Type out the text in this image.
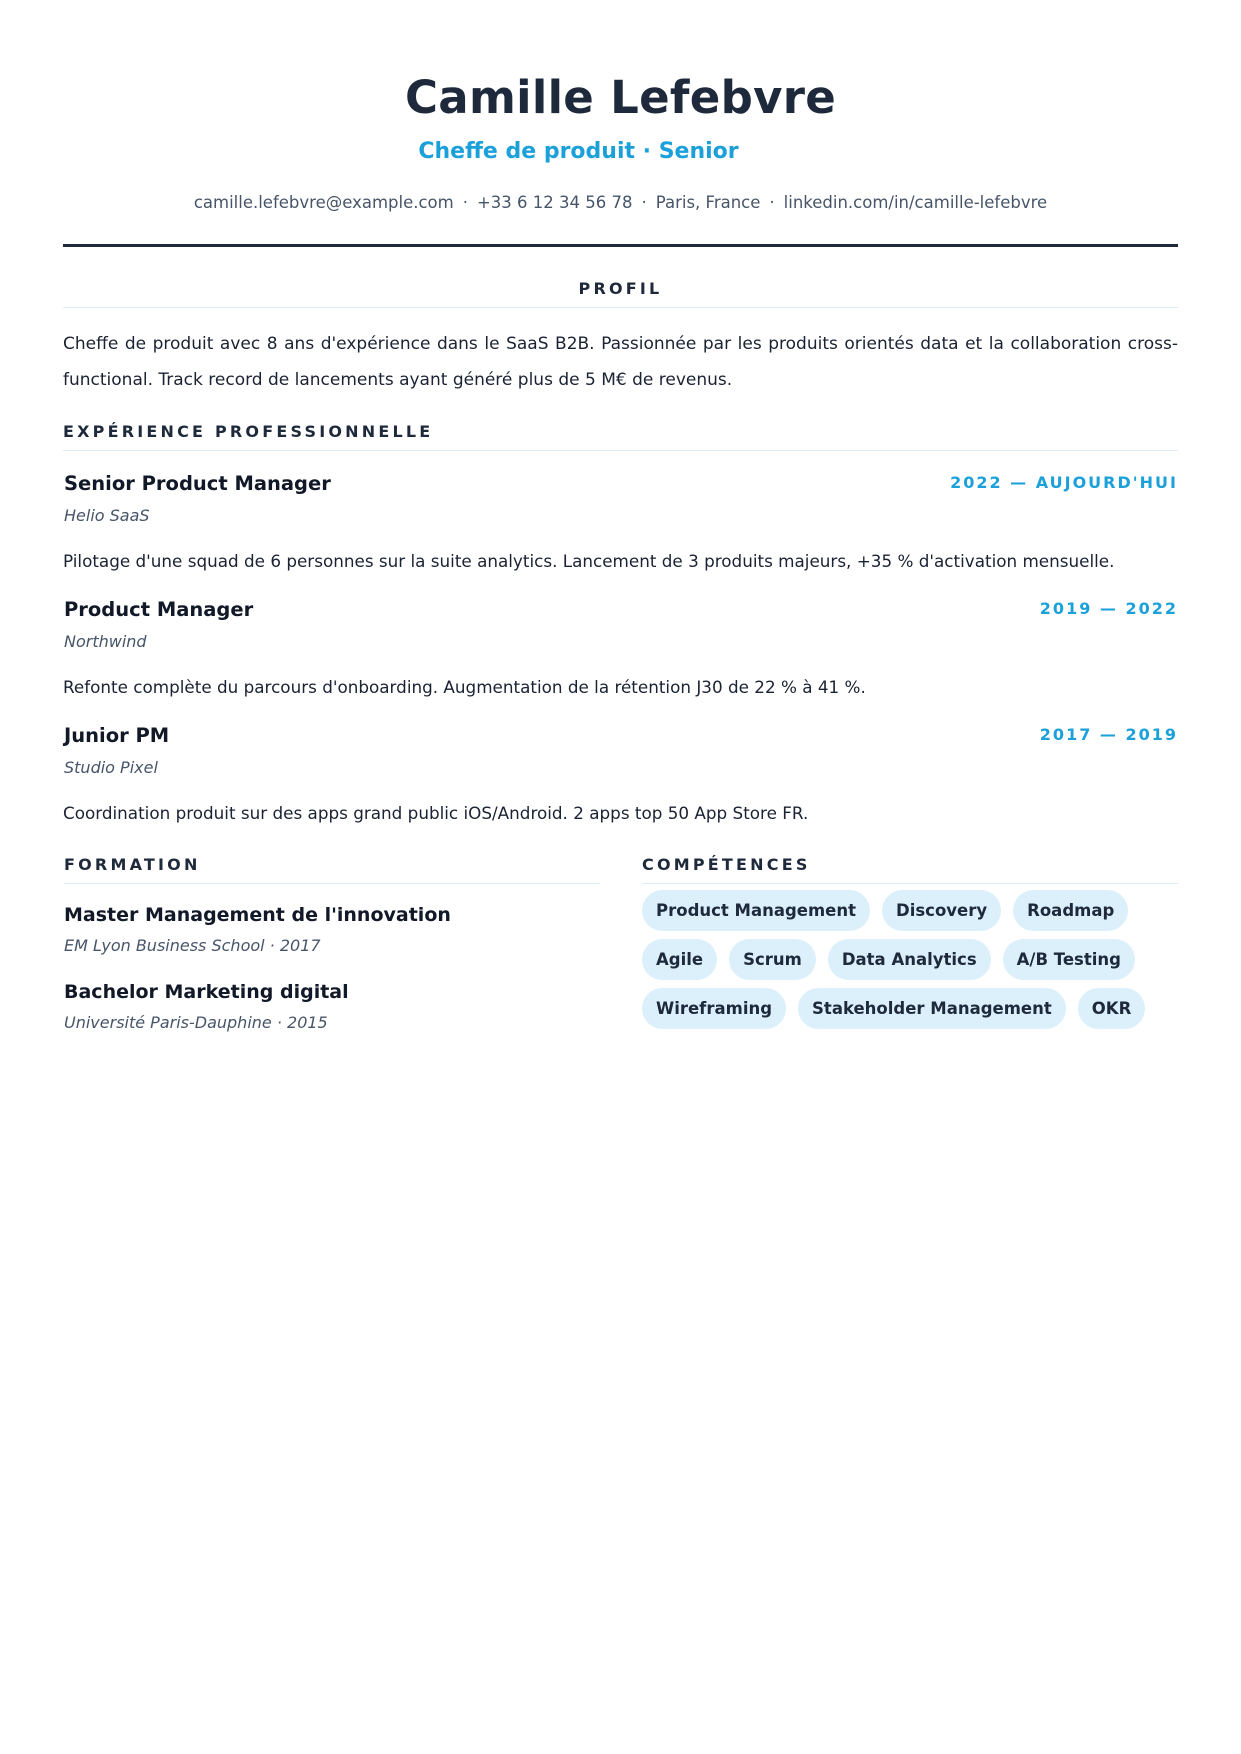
Camille Lefebvre
Cheffe de produit · Senior
camille.lefebvre@example.com · +33 6 12 34 56 78 · Paris, France · linkedin.com/in/camille-lefebvre
PROFIL
Cheffe de produit avec 8 ans d'expérience dans le SaaS B2B. Passionnée par les produits orientés data et la collaboration cross-functional. Track record de lancements ayant généré plus de 5 M€ de revenus.
EXPÉRIENCE PROFESSIONNELLE
Senior Product Manager	2022 — AUJOURD'HUI
Helio SaaS
Pilotage d'une squad de 6 personnes sur la suite analytics. Lancement de 3 produits majeurs, +35 % d'activation mensuelle.
Product Manager	2019 — 2022
Northwind
Refonte complète du parcours d'onboarding. Augmentation de la rétention J30 de 22 % à 41 %.
Junior PM	2017 — 2019
Studio Pixel
Coordination produit sur des apps grand public iOS/Android. 2 apps top 50 App Store FR.
FORMATION
Master Management de l'innovation
EM Lyon Business School · 2017
Bachelor Marketing digital
Université Paris-Dauphine · 2015
COMPÉTENCES
Product Management	Discovery	Roadmap
Agile	Scrum	Data Analytics	A/B Testing
Wireframing	Stakeholder Management	OKR
